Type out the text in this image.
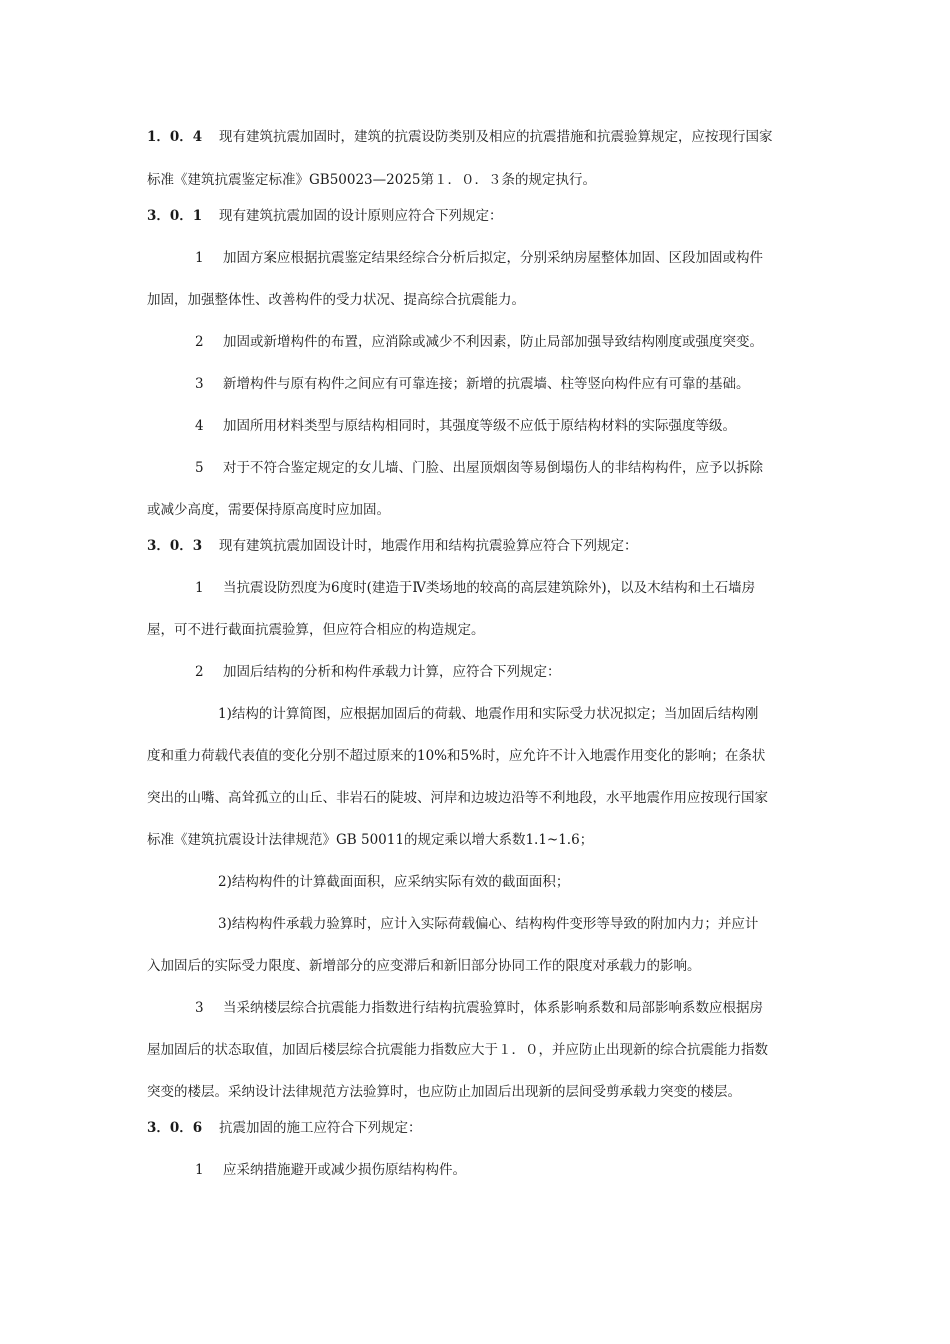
1．0．4 现有建筑抗震加固时，建筑的抗震设防类别及相应的抗震措施和抗震验算规定，应按现行国家
标准《建筑抗震鉴定标准》GB50023—2025第１．０．３条的规定执行。
3．0．1 现有建筑抗震加固的设计原则应符合下列规定：
1 加固方案应根据抗震鉴定结果经综合分析后拟定，分别采纳房屋整体加固、区段加固或构件
加固，加强整体性、改善构件的受力状况、提高综合抗震能力。
2 加固或新增构件的布置，应消除或减少不利因素，防止局部加强导致结构刚度或强度突变。
3 新增构件与原有构件之间应有可靠连接；新增的抗震墙、柱等竖向构件应有可靠的基础。
4 加固所用材料类型与原结构相同时，其强度等级不应低于原结构材料的实际强度等级。
5 对于不符合鉴定规定的女儿墙、门脸、出屋顶烟囱等易倒塌伤人的非结构构件，应予以拆除
或减少高度，需要保持原高度时应加固。
3．0．3 现有建筑抗震加固设计时，地震作用和结构抗震验算应符合下列规定：
1 当抗震设防烈度为6度时(建造于Ⅳ类场地的较高的高层建筑除外)，以及木结构和土石墙房
屋，可不进行截面抗震验算，但应符合相应的构造规定。
2 加固后结构的分析和构件承载力计算，应符合下列规定：
1)结构的计算简图，应根据加固后的荷载、地震作用和实际受力状况拟定；当加固后结构刚
度和重力荷载代表值的变化分别不超过原来的10%和5%时，应允许不计入地震作用变化的影响；在条状
突出的山嘴、高耸孤立的山丘、非岩石的陡坡、河岸和边坡边沿等不利地段，水平地震作用应按现行国家
标准《建筑抗震设计法律规范》GB 50011的规定乘以增大系数1.1~1.6；
2)结构构件的计算截面面积，应采纳实际有效的截面面积；
3)结构构件承载力验算时，应计入实际荷载偏心、结构构件变形等导致的附加内力；并应计
入加固后的实际受力限度、新增部分的应变滞后和新旧部分协同工作的限度对承载力的影响。
3 当采纳楼层综合抗震能力指数进行结构抗震验算时，体系影响系数和局部影响系数应根据房
屋加固后的状态取值，加固后楼层综合抗震能力指数应大于１．０，并应防止出现新的综合抗震能力指数
突变的楼层。采纳设计法律规范方法验算时，也应防止加固后出现新的层间受剪承载力突变的楼层。
3．0．6 抗震加固的施工应符合下列规定：
1 应采纳措施避开或减少损伤原结构构件。
